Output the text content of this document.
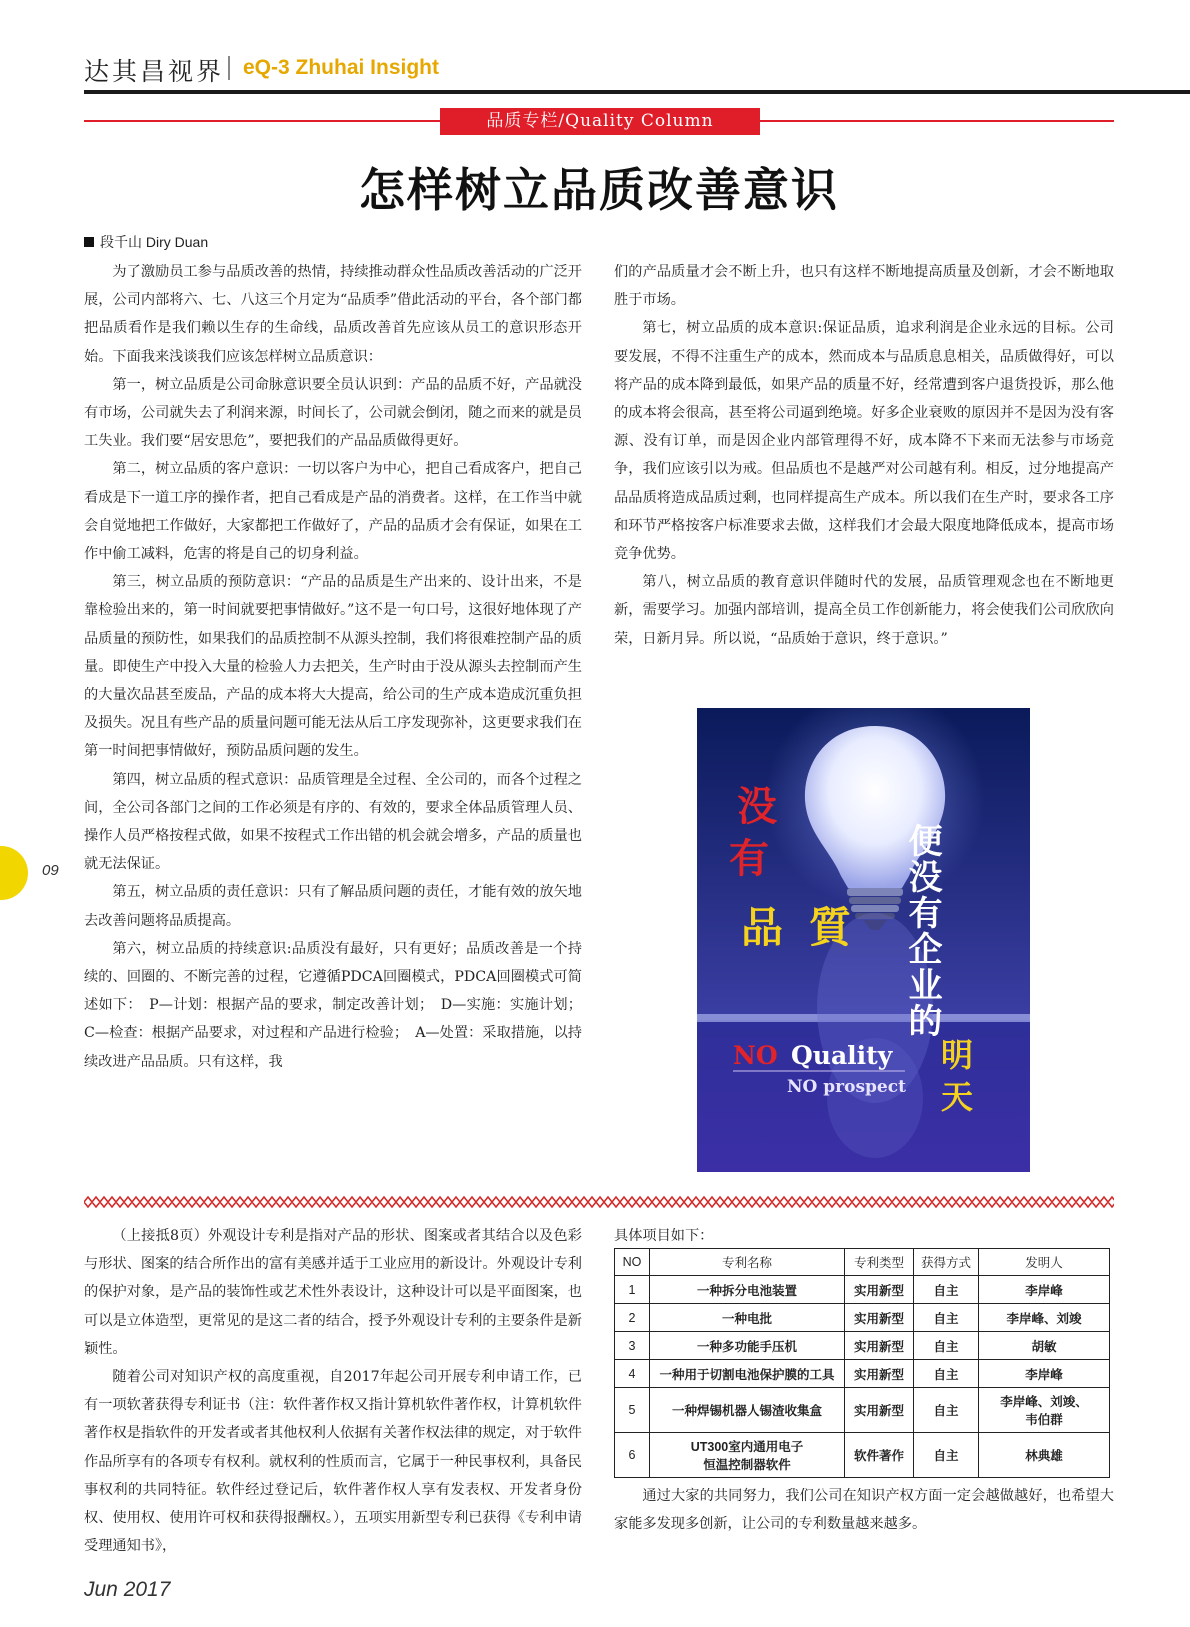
达其昌视界 eQ-3 Zhuhai Insight
品质专栏/Quality Column
怎样树立品质改善意识
段千山 Diry Duan

为了激励员工参与品质改善的热情，持续推动群众性品质改善活动的广泛开展，公司内部将六、七、八这三个月定为“品质季”借此活动的平台，各个部门都把品质看作是我们赖以生存的生命线，品质改善首先应该从员工的意识形态开始。下面我来浅谈我们应该怎样树立品质意识：

第一，树立品质是公司命脉意识要全员认识到：产品的品质不好，产品就没有市场，公司就失去了利润来源，时间长了，公司就会倒闭，随之而来的就是员工失业。我们要“居安思危”，要把我们的产品品质做得更好。

第二，树立品质的客户意识：一切以客户为中心，把自己看成客户，把自己看成是下一道工序的操作者，把自己看成是产品的消费者。这样，在工作当中就会自觉地把工作做好，大家都把工作做好了，产品的品质才会有保证，如果在工作中偷工减料，危害的将是自己的切身利益。

第三，树立品质的预防意识：“产品的品质是生产出来的、设计出来，不是靠检验出来的，第一时间就要把事情做好。”这不是一句口号，这很好地体现了产品质量的预防性，如果我们的品质控制不从源头控制，我们将很难控制产品的质量。即使生产中投入大量的检验人力去把关，生产时由于没从源头去控制而产生的大量次品甚至废品，产品的成本将大大提高，给公司的生产成本造成沉重负担及损失。况且有些产品的质量问题可能无法从后工序发现弥补，这更要求我们在第一时间把事情做好，预防品质问题的发生。

第四，树立品质的程式意识：品质管理是全过程、全公司的，而各个过程之间，全公司各部门之间的工作必须是有序的、有效的，要求全体品质管理人员、操作人员严格按程式做，如果不按程式工作出错的机会就会增多，产品的质量也就无法保证。

第五，树立品质的责任意识：只有了解品质问题的责任，才能有效的放矢地去改善问题将品质提高。

第六，树立品质的持续意识:品质没有最好，只有更好；品质改善是一个持续的、回圈的、不断完善的过程，它遵循PDCA回圈模式，PDCA回圈模式可简述如下：　P—计划：根据产品的要求，制定改善计划；　D—实施：实施计划；C—检查：根据产品要求，对过程和产品进行检验；　A—处置：采取措施，以持续改进产品品质。只有这样，我

们的产品质量才会不断上升，也只有这样不断地提高质量及创新，才会不断地取胜于市场。

第七，树立品质的成本意识:保证品质，追求利润是企业永远的目标。公司要发展，不得不注重生产的成本，然而成本与品质息息相关，品质做得好，可以将产品的成本降到最低，如果产品的质量不好，经常遭到客户退货投诉，那么他的成本将会很高，甚至将公司逼到绝境。好多企业衰败的原因并不是因为没有客源、没有订单，而是因企业内部管理得不好，成本降不下来而无法参与市场竞争，我们应该引以为戒。但品质也不是越严对公司越有利。相反，过分地提高产品品质将造成品质过剩，也同样提高生产成本。所以我们在生产时，要求各工序和环节严格按客户标准要求去做，这样我们才会最大限度地降低成本，提高市场竞争优势。

第八，树立品质的教育意识伴随时代的发展，品质管理观念也在不断地更新，需要学习。加强内部培训，提高全员工作创新能力，将会使我们公司欣欣向荣，日新月异。所以说，“品质始于意识，终于意识。”

没有
品質 便没有企业的
明天
NO Quality
NO prospect

（上接抵8页）外观设计专利是指对产品的形状、图案或者其结合以及色彩与形状、图案的结合所作出的富有美感并适于工业应用的新设计。外观设计专利的保护对象，是产品的装饰性或艺术性外表设计，这种设计可以是平面图案，也可以是立体造型，更常见的是这二者的结合，授予外观设计专利的主要条件是新颖性。

随着公司对知识产权的高度重视，自2017年起公司开展专利申请工作，已有一项软著获得专利证书（注：软件著作权又指计算机软件著作权，计算机软件著作权是指软件的开发者或者其他权利人依据有关著作权法律的规定，对于软件作品所享有的各项专有权利。就权利的性质而言，它属于一种民事权利，具备民事权利的共同特征。软件经过登记后，软件著作权人享有发表权、开发者身份权、使用权、使用许可权和获得报酬权。），五项实用新型专利已获得《专利申请受理通知书》，

具体项目如下：

NO	专利名称	专利类型	获得方式	发明人
1	一种拆分电池装置	实用新型	自主	李岸峰
2	一种电批	实用新型	自主	李岸峰、刘竣
3	一种多功能手压机	实用新型	自主	胡敏
4	一种用于切割电池保护膜的工具	实用新型	自主	李岸峰
5	一种焊锡机器人锡渣收集盒	实用新型	自主	李岸峰、刘竣、
韦伯群
6	UT300室内通用电子
恒温控制器软件	软件著作	自主	林典雄

通过大家的共同努力，我们公司在知识产权方面一定会越做越好，也希望大家能多发现多创新，让公司的专利数量越来越多。

09
Jun 2017
